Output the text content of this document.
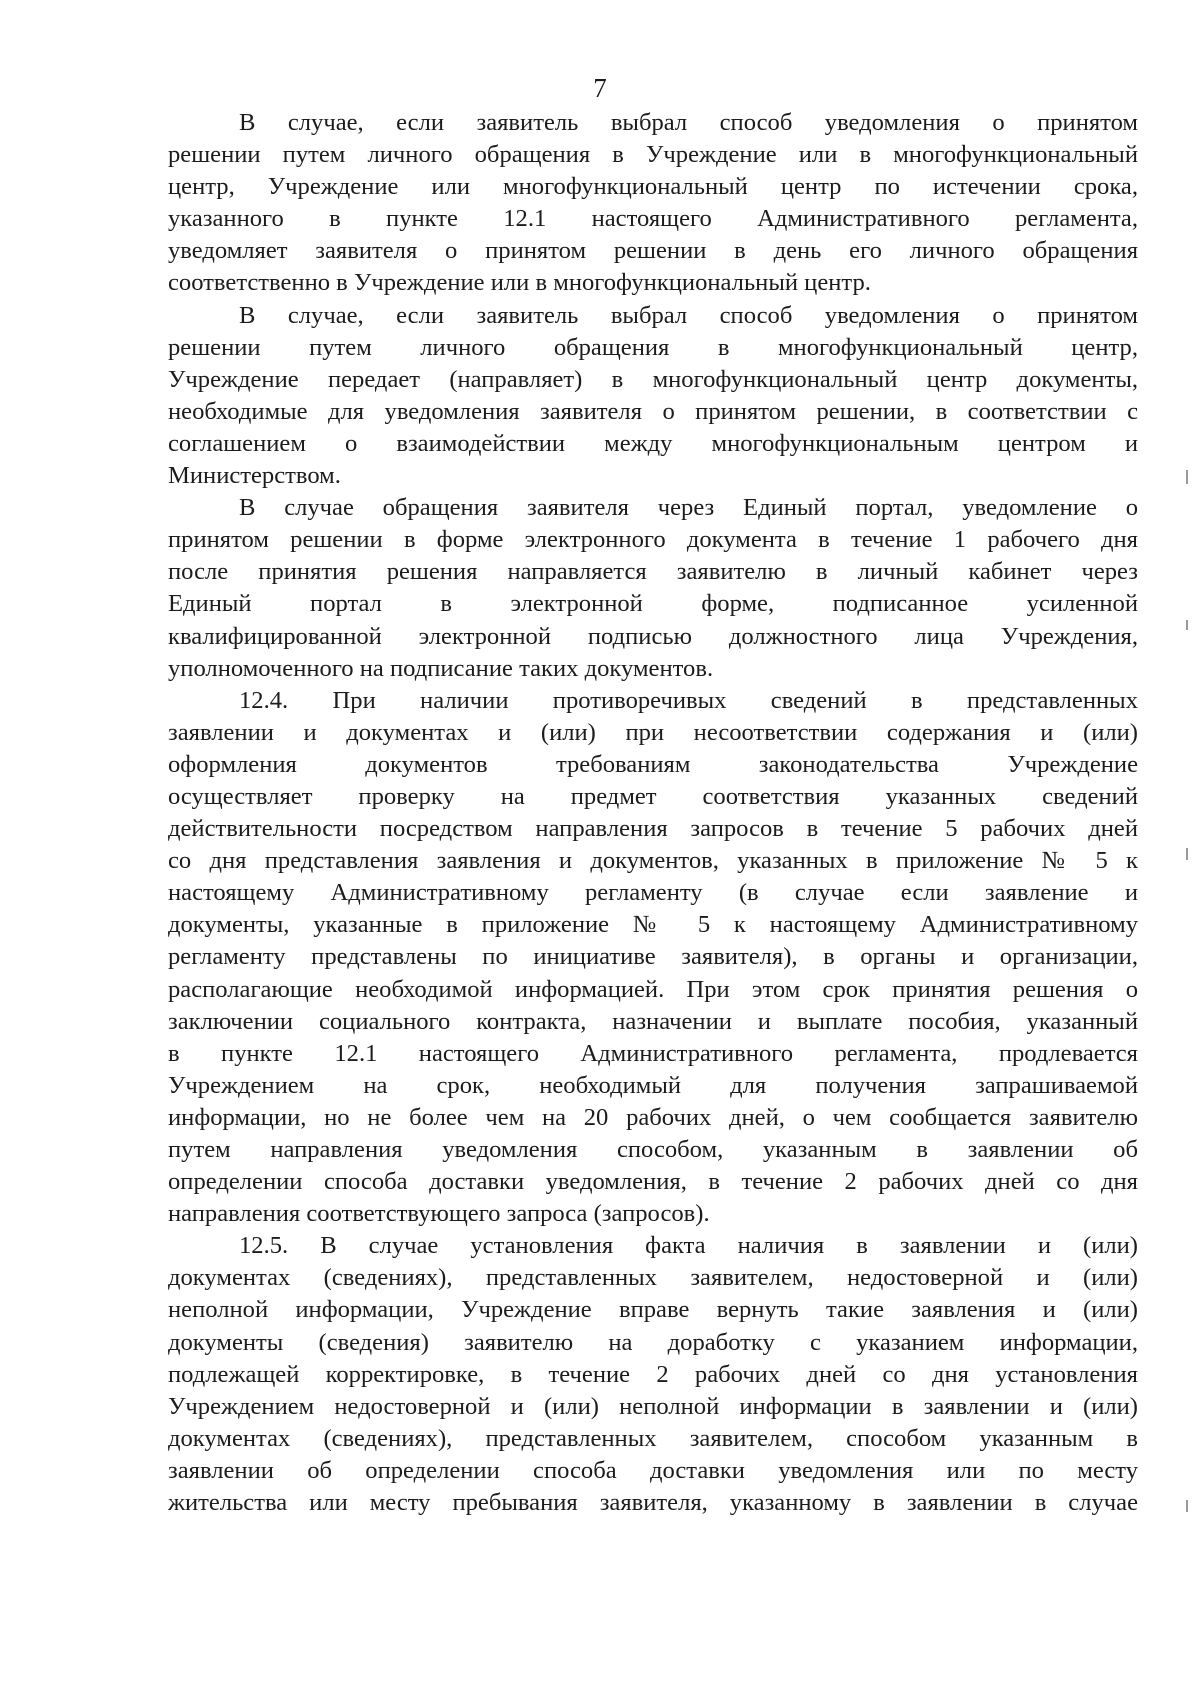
7

В случае, если заявитель выбрал способ уведомления о принятом
решении путем личного обращения в Учреждение или в многофункциональный
центр, Учреждение или многофункциональный центр по истечении срока,
указанного в пункте 12.1 настоящего Административного регламента,
уведомляет заявителя о принятом решении в день его личного обращения
соответственно в Учреждение или в многофункциональный центр.

В случае, если заявитель выбрал способ уведомления о принятом
решении путем личного обращения в многофункциональный центр,
Учреждение передает (направляет) в многофункциональный центр документы,
необходимые для уведомления заявителя о принятом решении, в соответствии с
соглашением о взаимодействии между многофункциональным центром и
Министерством.

В случае обращения заявителя через Единый портал, уведомление о
принятом решении в форме электронного документа в течение 1 рабочего дня
после принятия решения направляется заявителю в личный кабинет через
Единый портал в электронной форме, подписанное усиленной
квалифицированной электронной подписью должностного лица Учреждения,
уполномоченного на подписание таких документов.

12.4. При наличии противоречивых сведений в представленных
заявлении и документах и (или) при несоответствии содержания и (или)
оформления документов требованиям законодательства Учреждение
осуществляет проверку на предмет соответствия указанных сведений
действительности посредством направления запросов в течение 5 рабочих дней
со дня представления заявления и документов, указанных в приложение № 5 к
настоящему Административному регламенту (в случае если заявление и
документы, указанные в приложение № 5 к настоящему Административному
регламенту представлены по инициативе заявителя), в органы и организации,
располагающие необходимой информацией. При этом срок принятия решения о
заключении социального контракта, назначении и выплате пособия, указанный
в пункте 12.1 настоящего Административного регламента, продлевается
Учреждением на срок, необходимый для получения запрашиваемой
информации, но не более чем на 20 рабочих дней, о чем сообщается заявителю
путем направления уведомления способом, указанным в заявлении об
определении способа доставки уведомления, в течение 2 рабочих дней со дня
направления соответствующего запроса (запросов).

12.5. В случае установления факта наличия в заявлении и (или)
документах (сведениях), представленных заявителем, недостоверной и (или)
неполной информации, Учреждение вправе вернуть такие заявления и (или)
документы (сведения) заявителю на доработку с указанием информации,
подлежащей корректировке, в течение 2 рабочих дней со дня установления
Учреждением недостоверной и (или) неполной информации в заявлении и (или)
документах (сведениях), представленных заявителем, способом указанным в
заявлении об определении способа доставки уведомления или по месту
жительства или месту пребывания заявителя, указанному в заявлении в случае
